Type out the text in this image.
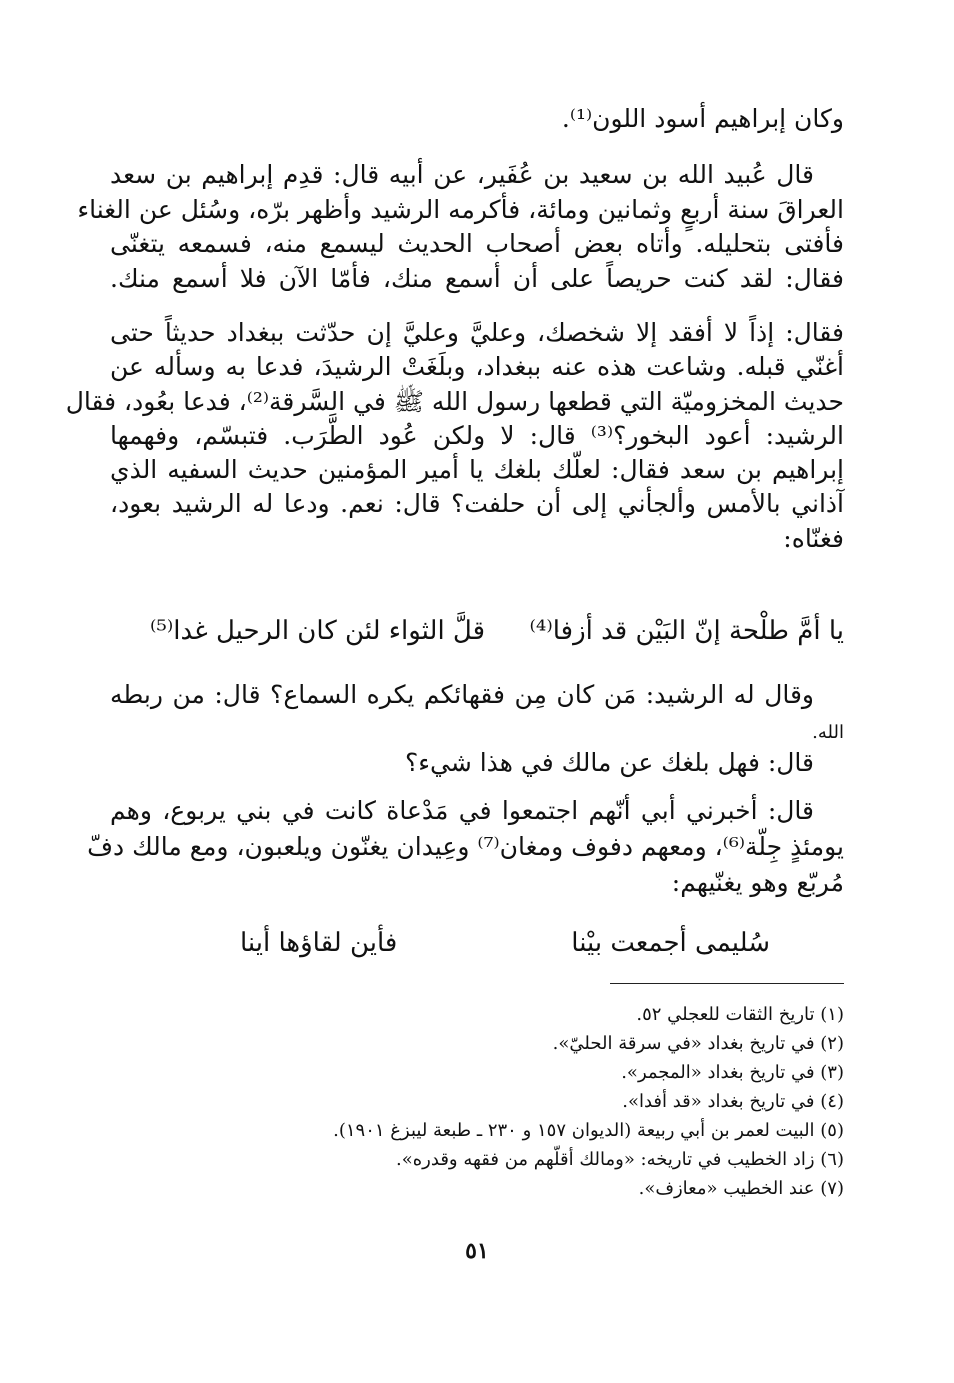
وكان إبراهيم أسود اللون⁽¹⁾.
قال عُبيد الله بن سعيد بن عُفَير، عن أبيه قال: قدِم إبراهيم بن سعد
العراقَ سنة أربعٍ وثمانين ومائة، فأكرمه الرشيد وأظهر برّه، وسُئل عن الغناء
فأفتى بتحليله. وأتاه بعض أصحاب الحديث ليسمع منه، فسمعه يتغنّى
فقال: لقد كنت حريصاً على أن أسمع منك، فأمّا الآن فلا أسمع منك.
فقال: إذاً لا أفقد إلا شخصك، وعليَّ وعليَّ إن حدّثت ببغداد حديثاً حتى
أغنّي قبله. وشاعت هذه عنه ببغداد، وبلَغَتْ الرشيدَ، فدعا به وسأله عن
حديث المخزوميّة التي قطعها رسول الله ﷺ في السَّرقة⁽²⁾، فدعا بعُود، فقال
الرشيد: أعود البخور؟⁽³⁾ قال: لا ولكن عُود الطَّرَب. فتبسّم، وفهمها
إبراهيم بن سعد فقال: لعلّك بلغك يا أمير المؤمنين حديث السفيه الذي
آذاني بالأمس وألجأني إلى أن حلفت؟ قال: نعم. ودعا له الرشيد بعود،
فغنّاه:
يا أمَّ طلْحة إنّ البَيْن قد أزفا⁽⁴⁾
قلَّ الثواء لئن كان الرحيل غدا⁽⁵⁾
وقال له الرشيد: مَن كان مِن فقهائكم يكره السماع؟ قال: من ربطه
الله.
قال: فهل بلغك عن مالك في هذا شيء؟
قال: أخبرني أبي أنّهم اجتمعوا في مَدْعاة كانت في بني يربوع، وهم
يومئذٍ جِلّة⁽⁶⁾، ومعهم دفوف ومغان⁽⁷⁾ وعِيدان يغنّون ويلعبون، ومع مالك دفّ
مُربّع وهو يغنّيهم:
سُليمى أجمعت بيْنا
فأين لقاؤها أينا
(١) تاريخ الثقات للعجلي ٥٢.
(٢) في تاريخ بغداد «في سرقة الحليّ».
(٣) في تاريخ بغداد «المجمر».
(٤) في تاريخ بغداد «قد أفدا».
(٥) البيت لعمر بن أبي ربيعة (الديوان ١٥٧ و ٢٣٠ ـ طبعة ليبزغ ١٩٠١).
(٦) زاد الخطيب في تاريخه: «ومالك أقلّهم من فقهه وقدره».
(٧) عند الخطيب «معازف».
٥١
